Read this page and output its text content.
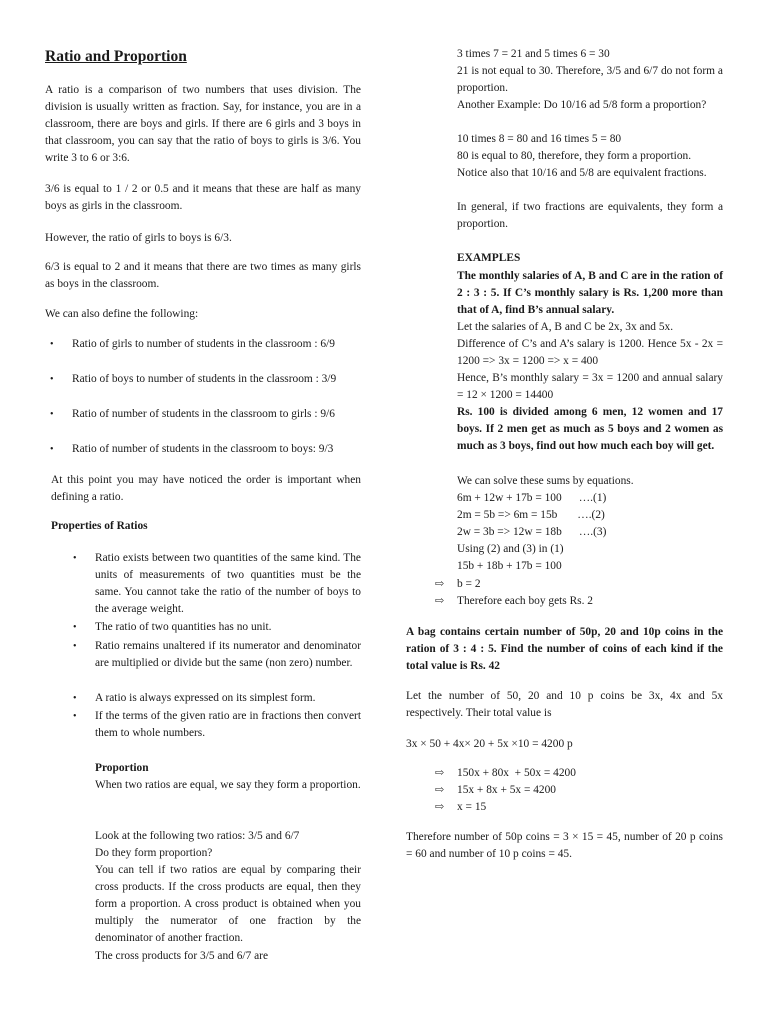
Ratio and Proportion

A ratio is a comparison of two numbers that uses division. The division is usually written as fraction. Say, for instance, you are in a classroom, there are boys and girls. If there are 6 girls and 3 boys in that classroom, you can say that the ratio of boys to girls is 3/6. You write 3 to 6 or 3:6.

3/6 is equal to 1 / 2 or 0.5 and it means that these are half as many boys as girls in the classroom.

However, the ratio of girls to boys is 6/3.

6/3 is equal to 2 and it means that there are two times as many girls as boys in the classroom.

We can also define the following:

• Ratio of girls to number of students in the classroom : 6/9

• Ratio of boys to number of students in the classroom : 3/9

• Ratio of number of students in the classroom to girls : 9/6

• Ratio of number of students in the classroom to boys: 9/3

At this point you may have noticed the order is important when defining a ratio.

Properties of Ratios

• Ratio exists between two quantities of the same kind. The units of measurements of two quantities must be the same. You cannot take the ratio of the number of boys to the average weight.

• The ratio of two quantities has no unit.

• Ratio remains unaltered if its numerator and denominator are multiplied or divide but the same (non zero) number.

• A ratio is always expressed on its simplest form.

• If the terms of the given ratio are in fractions then convert them to whole numbers.

Proportion

When two ratios are equal, we say they form a proportion.

Look at the following two ratios: 3/5 and 6/7

Do they form proportion?

You can tell if two ratios are equal by comparing their cross products. If the cross products are equal, then they form a proportion. A cross product is obtained when you multiply the numerator of one fraction by the denominator of another fraction.

The cross products for 3/5 and 6/7 are

3 times 7 = 21 and 5 times 6 = 30

21 is not equal to 30. Therefore, 3/5 and 6/7 do not form a proportion.

Another Example: Do 10/16 ad 5/8 form a proportion?

10 times 8 = 80 and 16 times 5 = 80

80 is equal to 80, therefore, they form a proportion.

Notice also that 10/16 and 5/8 are equivalent fractions.

In general, if two fractions are equivalents, they form a proportion.

EXAMPLES

The monthly salaries of A, B and C are in the ration of 2 : 3 : 5. If C’s monthly salary is Rs. 1,200 more than that of A, find B’s annual salary.

Let the salaries of A, B and C be 2x, 3x and 5x.

Difference of C’s and A’s salary is 1200. Hence 5x - 2x = 1200 => 3x = 1200 => x = 400

Hence, B’s monthly salary = 3x = 1200 and annual salary = 12 × 1200 = 14400

Rs. 100 is divided among 6 men, 12 women and 17 boys. If 2 men get as much as 5 boys and 2 women as much as 3 boys, find out how much each boy will get.

We can solve these sums by equations.

6m + 12w + 17b = 100      ….(1)

2m = 5b => 6m = 15b       ….(2)

2w = 3b => 12w = 18b      ….(3)

Using (2) and (3) in (1)

15b + 18b + 17b = 100

⇨ b = 2

⇨ Therefore each boy gets Rs. 2

A bag contains certain number of 50p, 20 and 10p coins in the ration of 3 : 4 : 5. Find the number of coins of each kind if the total value is Rs. 42

Let the number of 50, 20 and 10 p coins be 3x, 4x and 5x respectively. Their total value is

3x × 50 + 4x× 20 + 5x ×10 = 4200 p

⇨ 150x + 80x  + 50x = 4200

⇨ 15x + 8x + 5x = 4200

⇨ x = 15

Therefore number of 50p coins = 3 × 15 = 45, number of 20 p coins = 60 and number of 10 p coins = 45.
